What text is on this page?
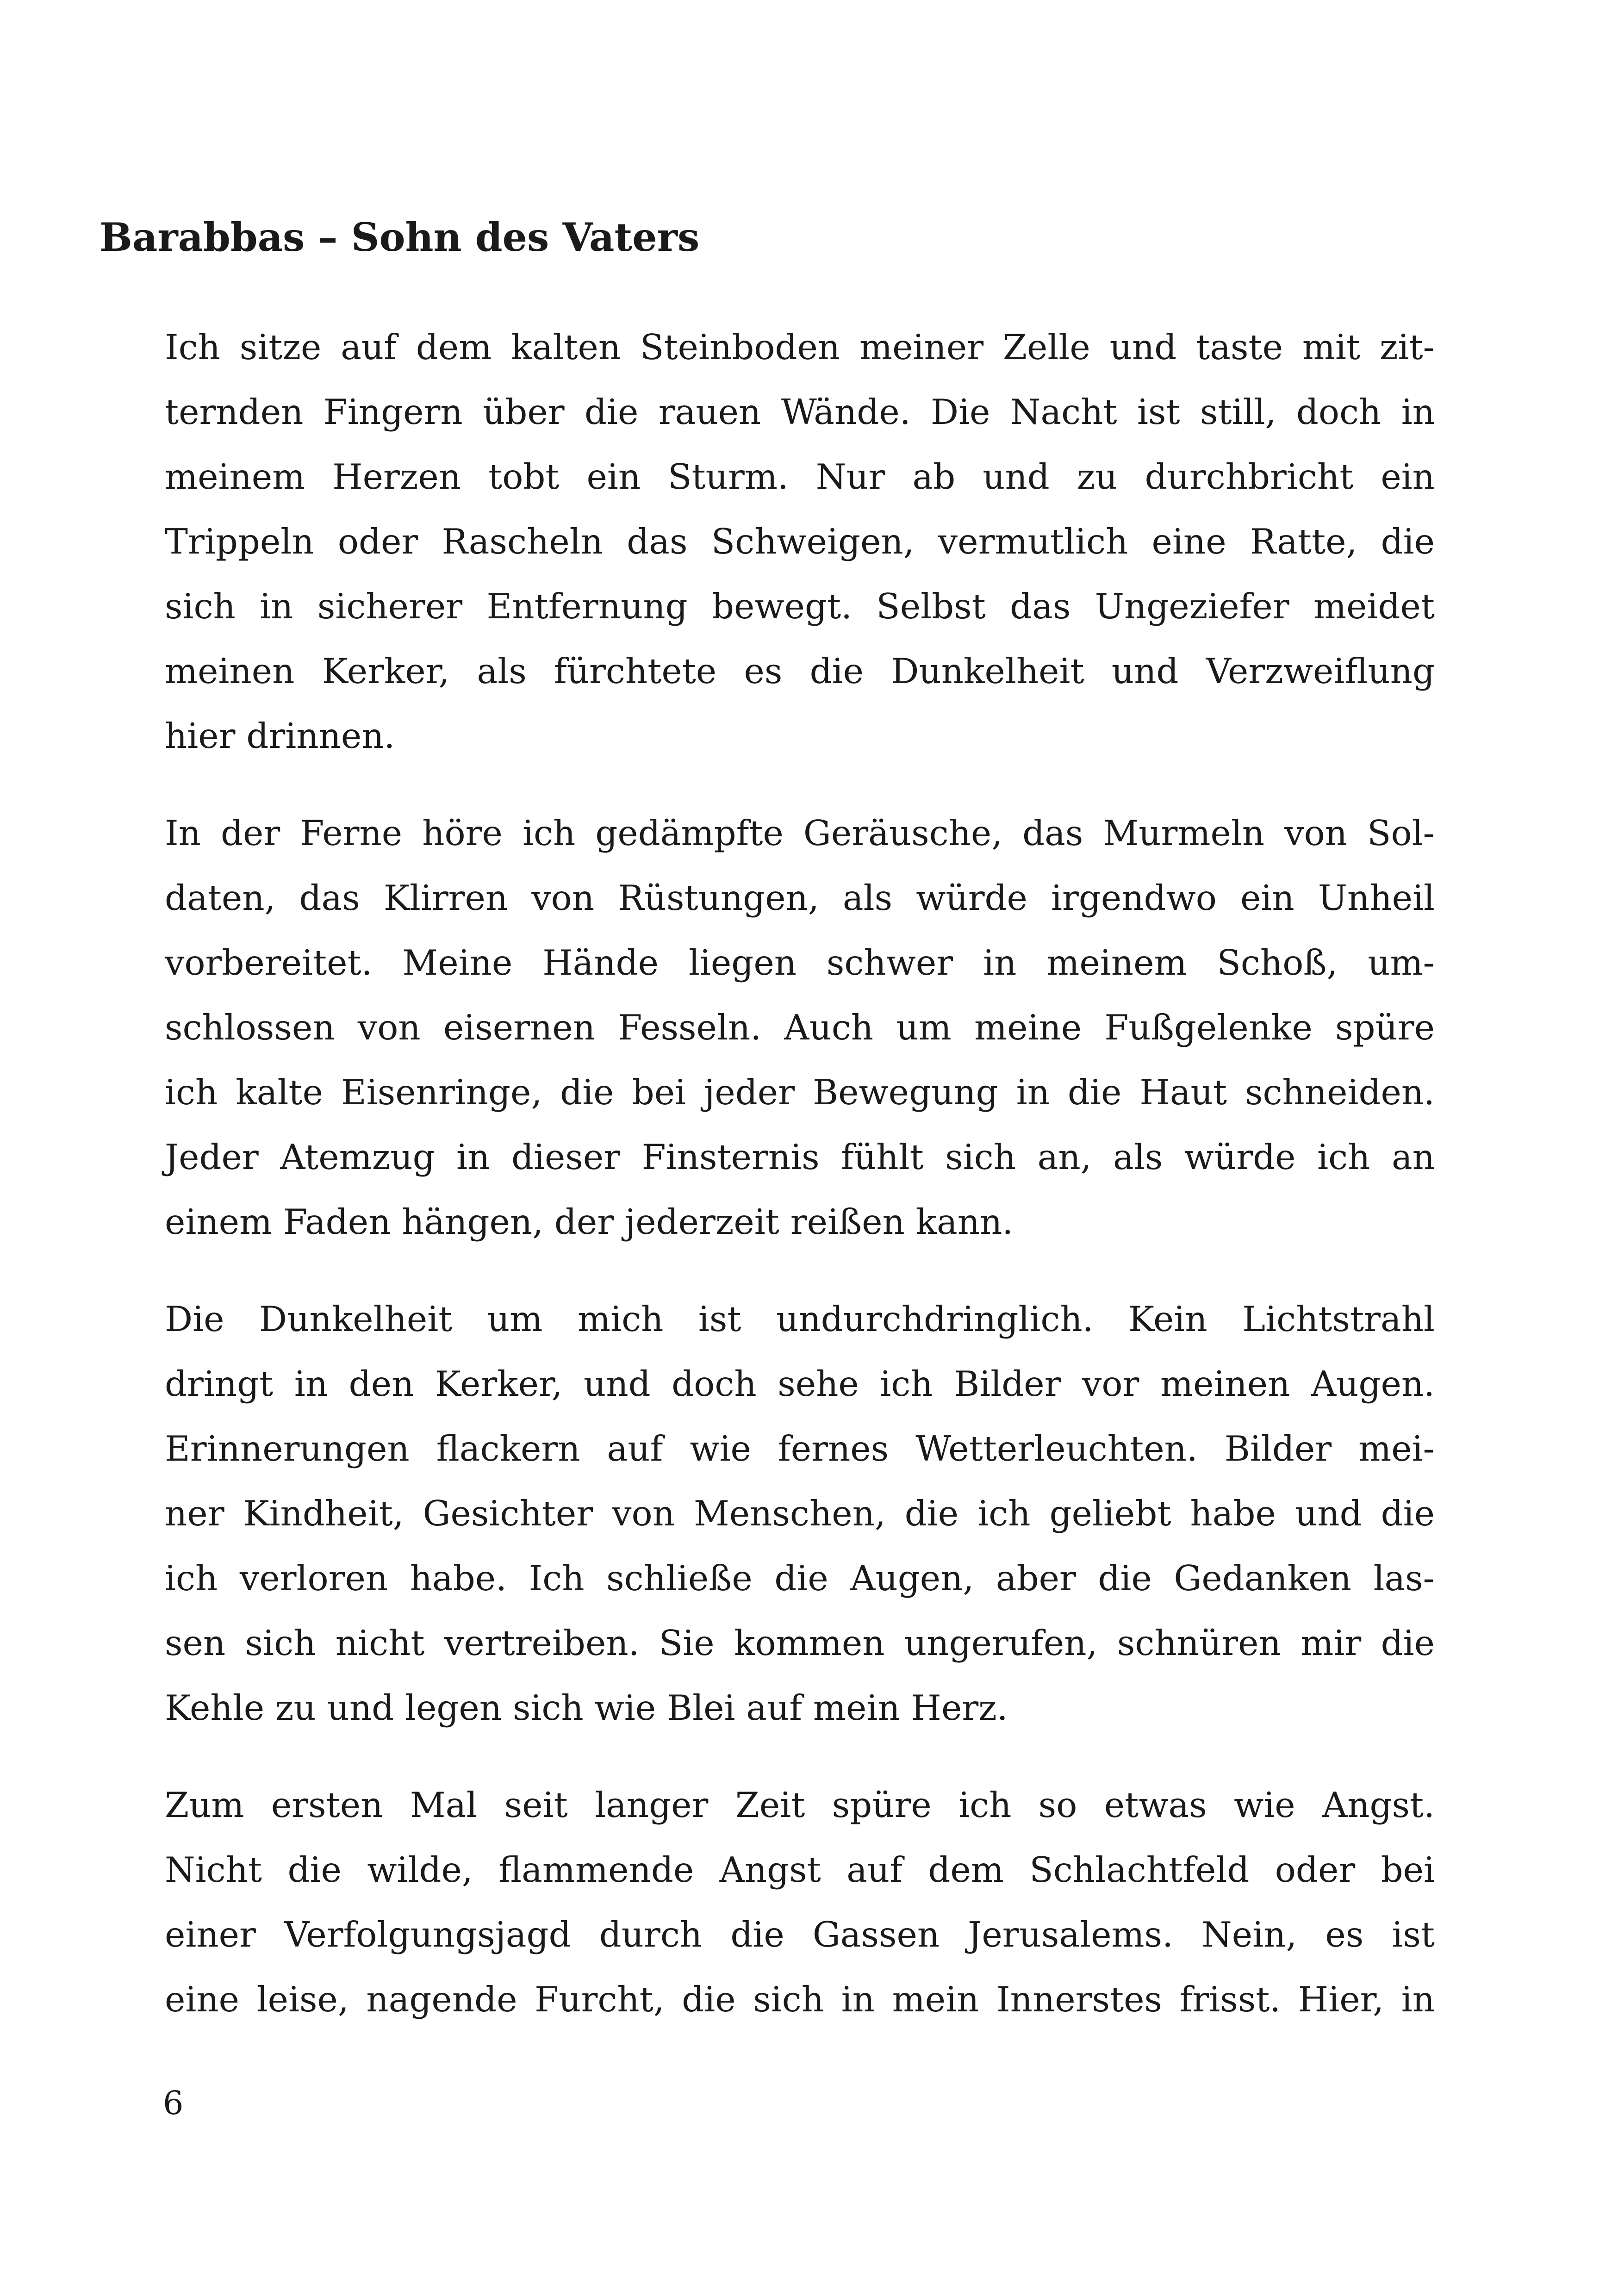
Barabbas – Sohn des Vaters

Ich sitze auf dem kalten Steinboden meiner Zelle und taste mit zit-
ternden Fingern über die rauen Wände. Die Nacht ist still, doch in
meinem Herzen tobt ein Sturm. Nur ab und zu durchbricht ein
Trippeln oder Rascheln das Schweigen, vermutlich eine Ratte, die
sich in sicherer Entfernung bewegt. Selbst das Ungeziefer meidet
meinen Kerker, als fürchtete es die Dunkelheit und Verzweiflung
hier drinnen.

In der Ferne höre ich gedämpfte Geräusche, das Murmeln von Sol-
daten, das Klirren von Rüstungen, als würde irgendwo ein Unheil
vorbereitet. Meine Hände liegen schwer in meinem Schoß, um-
schlossen von eisernen Fesseln. Auch um meine Fußgelenke spüre
ich kalte Eisenringe, die bei jeder Bewegung in die Haut schneiden.
Jeder Atemzug in dieser Finsternis fühlt sich an, als würde ich an
einem Faden hängen, der jederzeit reißen kann.

Die Dunkelheit um mich ist undurchdringlich. Kein Lichtstrahl
dringt in den Kerker, und doch sehe ich Bilder vor meinen Augen.
Erinnerungen flackern auf wie fernes Wetterleuchten. Bilder mei-
ner Kindheit, Gesichter von Menschen, die ich geliebt habe und die
ich verloren habe. Ich schließe die Augen, aber die Gedanken las-
sen sich nicht vertreiben. Sie kommen ungerufen, schnüren mir die
Kehle zu und legen sich wie Blei auf mein Herz.

Zum ersten Mal seit langer Zeit spüre ich so etwas wie Angst.
Nicht die wilde, flammende Angst auf dem Schlachtfeld oder bei
einer Verfolgungsjagd durch die Gassen Jerusalems. Nein, es ist
eine leise, nagende Furcht, die sich in mein Innerstes frisst. Hier, in

6
